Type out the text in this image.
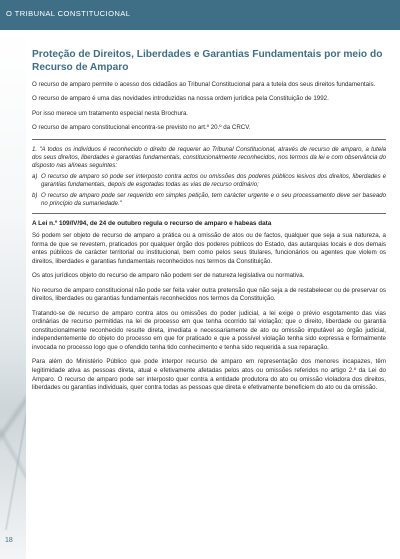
O TRIBUNAL CONSTITUCIONAL
18
Proteção de Direitos, Liberdades e Garantias Fundamentais por meio do Recurso de Amparo

O recurso de amparo permite o acesso dos cidadãos ao Tribunal Constitucional para a tutela dos seus direitos fundamentais.

O recurso de amparo é uma das novidades introduzidas na nossa ordem jurídica pela Constituição de 1992.

Por isso merece um tratamento especial nesta Brochura.

O recurso de amparo constitucional encontra-se previsto no art.º 20.º da CRCV.

1. "A todos os indivíduos é reconhecido o direito de requerer ao Tribunal Constitucional, através de recurso de amparo, a tutela dos seus direitos, liberdades e garantias fundamentais, constitucionalmente reconhecidos, nos termos da lei e com observância do disposto nas alíneas seguintes:

a) O recurso de amparo só pode ser interposto contra actos ou omissões dos poderes públicos lesivos dos direitos, liberdades e garantias fundamentais, depois de esgotadas todas as vias de recurso ordinário;
b) O recurso de amparo pode ser requerido em simples petição, tem carácter urgente e o seu processamento deve ser baseado no princípio da sumariedade."
A Lei n.º 109/IV/94, de 24 de outubro regula o recurso de amparo e habeas data

Só podem ser objeto de recurso de amparo a prática ou a omissão de atos ou de factos, qualquer que seja a sua natureza, a forma de que se revestem, praticados por qualquer órgão dos poderes públicos do Estado, das autarquias locais e dos demais entes públicos de carácter territorial ou institucional, bem como pelos seus titulares, funcionários ou agentes que violem os direitos, liberdades e garantias fundamentais reconhecidos nos termos da Constituição.

Os atos jurídicos objeto do recurso de amparo não podem ser de natureza legislativa ou normativa.

No recurso de amparo constitucional não pode ser feita valer outra pretensão que não seja a de restabelecer ou de preservar os direitos, liberdades ou garantias fundamentais reconhecidos nos termos da Constituição.

Tratando-se de recurso de amparo contra atos ou omissões do poder judicial, a lei exige o prévio esgotamento das vias ordinárias de recurso permitidas na lei de processo em que tenha ocorrido tal violação; que o direito, liberdade ou garantia constitucionalmente reconhecido resulte direta, imediata e necessariamente de ato ou omissão imputável ao órgão judicial, independentemente do objeto do processo em que for praticado e que a possível violação tenha sido expressa e formalmente invocada no processo logo que o ofendido tenha tido conhecimento e tenha sido requerida a sua reparação.

Para além do Ministério Público que pode interpor recurso de amparo em representação dos menores incapazes, têm legitimidade ativa as pessoas direta, atual e efetivamente afetadas pelos atos ou omissões referidos no artigo 2.º da Lei do Amparo. O recurso de amparo pode ser interposto quer contra a entidade produtora do ato ou omissão violadora dos direitos, liberdades ou garantias individuais, quer contra todas as pessoas que direta e efetivamente beneficiem do ato ou da omissão.
